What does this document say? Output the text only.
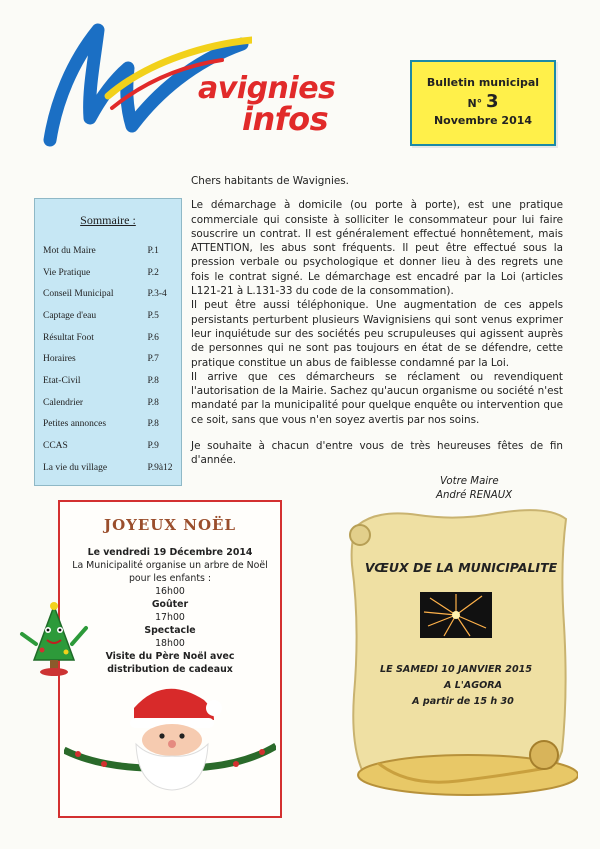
avignies
infos
Bulletin municipal
N° 3
Novembre 2014
Sommaire :
Mot du Maire	P.1
Vie Pratique	P.2
Conseil Municipal	P.3-4
Captage d'eau	P.5
Résultat Foot	P.6
Horaires	P.7
Etat-Civil	P.8
Calendrier	P.8
Petites annonces	P.8
CCAS	P.9
La vie du village	P.9à12

Chers habitants de Wavignies.

Le démarchage à domicile (ou porte à porte), est une pratique commerciale qui consiste à solliciter le consommateur pour lui faire souscrire un contrat. Il est généralement effectué honnêtement, mais ATTENTION, les abus sont fréquents. Il peut être effectué sous la pression verbale ou psychologique et donner lieu à des regrets une fois le contrat signé. Le démarchage est encadré par la Loi (articles L121-21 à L.131-33 du code de la consommation).

Il peut être aussi téléphonique. Une augmentation de ces appels persistants perturbent plusieurs Wavignisiens qui sont venus exprimer leur inquiétude sur des sociétés peu scrupuleuses qui agissent auprès de personnes qui ne sont pas toujours en état de se défendre, cette pratique constitue un abus de faiblesse condamné par la Loi.

Il arrive que ces démarcheurs se réclament ou revendiquent l'autorisation de la Mairie. Sachez qu'aucun organisme ou société n'est mandaté par la municipalité pour quelque enquête ou intervention que ce soit, sans que vous n'en soyez avertis par nos soins.

Je souhaite à chacun d'entre vous de très heureuses fêtes de fin d'année.

Votre Maire
André RENAUX
JOYEUX NOËL
Le vendredi 19 Décembre 2014
La Municipalité organise un arbre de Noël pour les enfants :
16h00
Goûter
17h00
Spectacle
18h00
Visite du Père Noël avec distribution de cadeaux
VŒUX DE LA MUNICIPALITE
LE SAMEDI 10 JANVIER 2015
A L'AGORA
A partir de 15 h 30
